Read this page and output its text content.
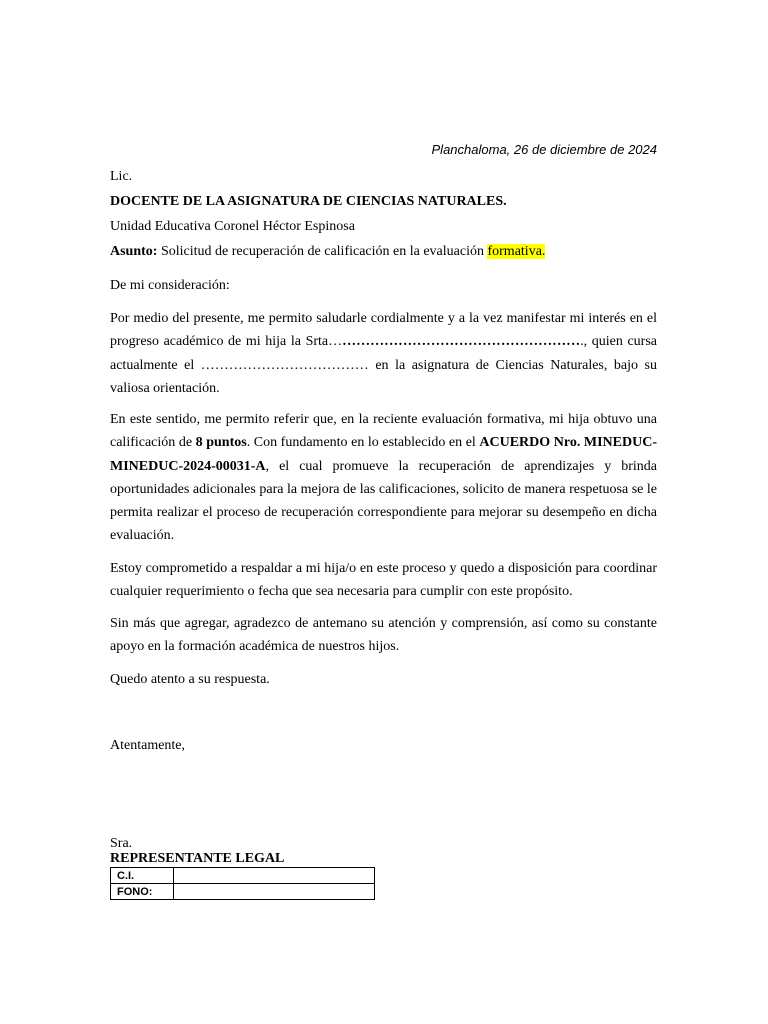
Planchaloma, 26 de diciembre de 2024
Lic.
DOCENTE DE LA ASIGNATURA DE CIENCIAS NATURALES.
Unidad Educativa Coronel Héctor Espinosa
Asunto: Solicitud de recuperación de calificación en la evaluación formativa.
De mi consideración:
Por medio del presente, me permito saludarle cordialmente y a la vez manifestar mi interés en el progreso académico de mi hija la Srta………………………………………………., quien cursa actualmente el ……………………………… en la asignatura de Ciencias Naturales, bajo su valiosa orientación.
En este sentido, me permito referir que, en la reciente evaluación formativa, mi hija obtuvo una calificación de 8 puntos. Con fundamento en lo establecido en el ACUERDO Nro. MINEDUC-MINEDUC-2024-00031-A, el cual promueve la recuperación de aprendizajes y brinda oportunidades adicionales para la mejora de las calificaciones, solicito de manera respetuosa se le permita realizar el proceso de recuperación correspondiente para mejorar su desempeño en dicha evaluación.
Estoy comprometido a respaldar a mi hija/o en este proceso y quedo a disposición para coordinar cualquier requerimiento o fecha que sea necesaria para cumplir con este propósito.
Sin más que agregar, agradezco de antemano su atención y comprensión, así como su constante apoyo en la formación académica de nuestros hijos.
Quedo atento a su respuesta.
Atentamente,
Sra.
REPRESENTANTE LEGAL
C.I.	
FONO:	
